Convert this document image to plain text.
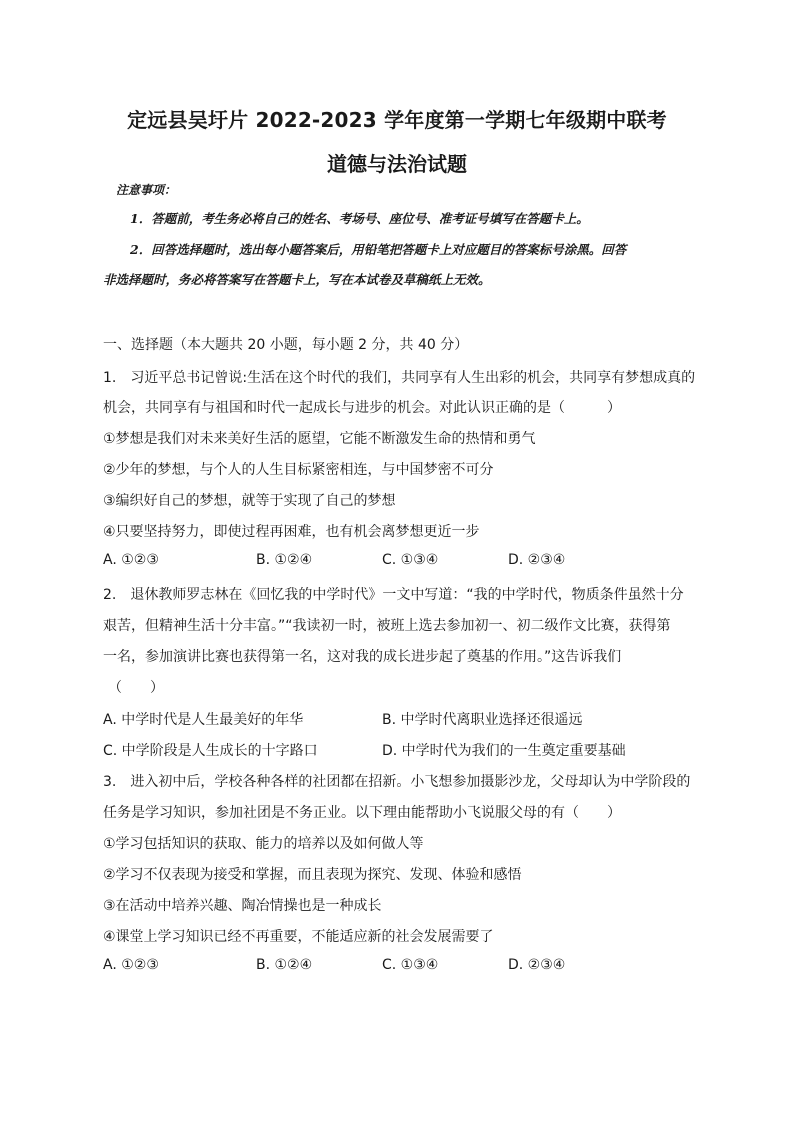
定远县吴圩片 2022-2023 学年度第一学期七年级期中联考
道德与法治试题
注意事项：
1．答题前，考生务必将自己的姓名、考场号、座位号、准考证号填写在答题卡上。
2．回答选择题时，选出每小题答案后，用铅笔把答题卡上对应题目的答案标号涂黑。回答
非选择题时，务必将答案写在答题卡上，写在本试卷及草稿纸上无效。
一、选择题（本大题共 20 小题，每小题 2 分，共 40 分）
1.　习近平总书记曾说:生活在这个时代的我们，共同享有人生出彩的机会，共同享有梦想成真的
机会，共同享有与祖国和时代一起成长与进步的机会。对此认识正确的是（　　　）
①梦想是我们对未来美好生活的愿望，它能不断激发生命的热情和勇气
②少年的梦想，与个人的人生目标紧密相连，与中国梦密不可分
③编织好自己的梦想，就等于实现了自己的梦想
④只要坚持努力，即使过程再困难，也有机会离梦想更近一步
A. ①②③	B. ①②④	C. ①③④	D. ②③④
2.　退休教师罗志林在《回忆我的中学时代》一文中写道：“我的中学时代，物质条件虽然十分
艰苦，但精神生活十分丰富。”“我读初一时，被班上选去参加初一、初二级作文比赛，获得第
一名，参加演讲比赛也获得第一名，这对我的成长进步起了奠基的作用。”这告诉我们
（　　）
A. 中学时代是人生最美好的年华	B. 中学时代离职业选择还很遥远
C. 中学阶段是人生成长的十字路口	D. 中学时代为我们的一生奠定重要基础
3.　进入初中后，学校各种各样的社团都在招新。小飞想参加摄影沙龙，父母却认为中学阶段的
任务是学习知识，参加社团是不务正业。以下理由能帮助小飞说服父母的有（　　）
①学习包括知识的获取、能力的培养以及如何做人等
②学习不仅表现为接受和掌握，而且表现为探究、发现、体验和感悟
③在活动中培养兴趣、陶冶情操也是一种成长
④课堂上学习知识已经不再重要，不能适应新的社会发展需要了
A. ①②③	B. ①②④	C. ①③④	D. ②③④
